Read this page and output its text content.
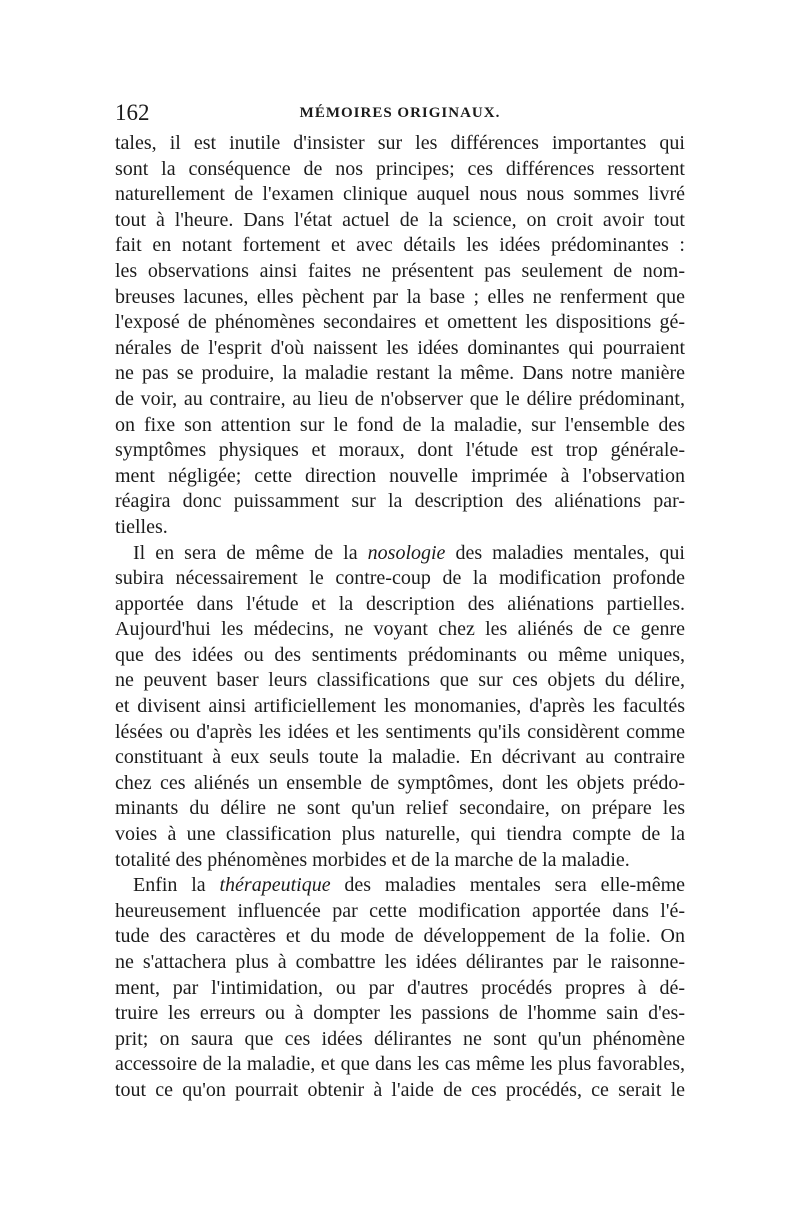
162	MÉMOIRES ORIGINAUX.
tales, il est inutile d'insister sur les différences importantes qui
sont la conséquence de nos principes; ces différences ressortent
naturellement de l'examen clinique auquel nous nous sommes livré
tout à l'heure. Dans l'état actuel de la science, on croit avoir tout
fait en notant fortement et avec détails les idées prédominantes :
les observations ainsi faites ne présentent pas seulement de nom-
breuses lacunes, elles pèchent par la base ; elles ne renferment que
l'exposé de phénomènes secondaires et omettent les dispositions gé-
nérales de l'esprit d'où naissent les idées dominantes qui pourraient
ne pas se produire, la maladie restant la même. Dans notre manière
de voir, au contraire, au lieu de n'observer que le délire prédominant,
on fixe son attention sur le fond de la maladie, sur l'ensemble des
symptômes physiques et moraux, dont l'étude est trop générale-
ment négligée; cette direction nouvelle imprimée à l'observation
réagira donc puissamment sur la description des aliénations par-
tielles.
Il en sera de même de la nosologie des maladies mentales, qui
subira nécessairement le contre-coup de la modification profonde
apportée dans l'étude et la description des aliénations partielles.
Aujourd'hui les médecins, ne voyant chez les aliénés de ce genre
que des idées ou des sentiments prédominants ou même uniques,
ne peuvent baser leurs classifications que sur ces objets du délire,
et divisent ainsi artificiellement les monomanies, d'après les facultés
lésées ou d'après les idées et les sentiments qu'ils considèrent comme
constituant à eux seuls toute la maladie. En décrivant au contraire
chez ces aliénés un ensemble de symptômes, dont les objets prédo-
minants du délire ne sont qu'un relief secondaire, on prépare les
voies à une classification plus naturelle, qui tiendra compte de la
totalité des phénomènes morbides et de la marche de la maladie.
Enfin la thérapeutique des maladies mentales sera elle-même
heureusement influencée par cette modification apportée dans l'é-
tude des caractères et du mode de développement de la folie. On
ne s'attachera plus à combattre les idées délirantes par le raisonne-
ment, par l'intimidation, ou par d'autres procédés propres à dé-
truire les erreurs ou à dompter les passions de l'homme sain d'es-
prit; on saura que ces idées délirantes ne sont qu'un phénomène
accessoire de la maladie, et que dans les cas même les plus favorables,
tout ce qu'on pourrait obtenir à l'aide de ces procédés, ce serait le
